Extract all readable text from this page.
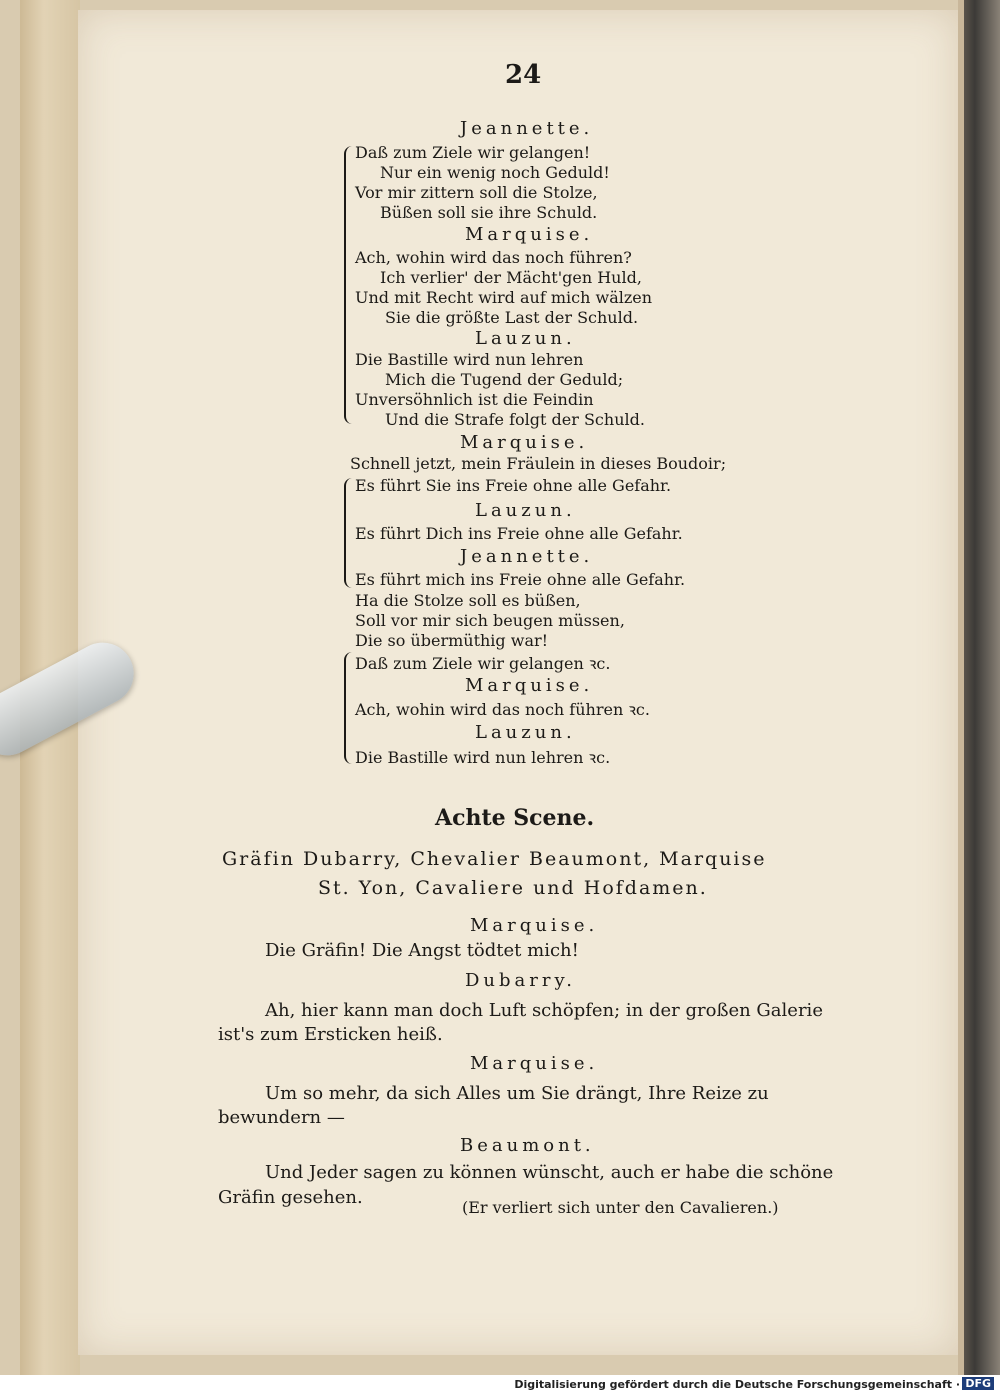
24
Jeannette.
Daß zum Ziele wir gelangen!
Nur ein wenig noch Geduld!
Vor mir zittern soll die Stolze,
Büßen soll sie ihre Schuld.
Marquise.
Ach, wohin wird das noch führen?
Ich verlier' der Mächt'gen Huld,
Und mit Recht wird auf mich wälzen
Sie die größte Last der Schuld.
Lauzun.
Die Bastille wird nun lehren
Mich die Tugend der Geduld;
Unversöhnlich ist die Feindin
Und die Strafe folgt der Schuld.
Marquise.
Schnell jetzt, mein Fräulein in dieses Boudoir;
Es führt Sie ins Freie ohne alle Gefahr.
Lauzun.
Es führt Dich ins Freie ohne alle Gefahr.
Jeannette.
Es führt mich ins Freie ohne alle Gefahr.
Ha die Stolze soll es büßen,
Soll vor mir sich beugen müssen,
Die so übermüthig war!
Daß zum Ziele wir gelangen ꝛc.
Marquise.
Ach, wohin wird das noch führen ꝛc.
Lauzun.
Die Bastille wird nun lehren ꝛc.
Achte Scene.
Gräfin Dubarry, Chevalier Beaumont, Marquise
St. Yon, Cavaliere und Hofdamen.
Marquise.
Die Gräfin! Die Angst tödtet mich!
Dubarry.
Ah, hier kann man doch Luft schöpfen; in der großen Galerie
ist's zum Ersticken heiß.
Marquise.
Um so mehr, da sich Alles um Sie drängt, Ihre Reize zu
bewundern —
Beaumont.
Und Jeder sagen zu können wünscht, auch er habe die schöne
Gräfin gesehen.	(Er verliert sich unter den Cavalieren.)
Digitalisierung gefördert durch die Deutsche Forschungsgemeinschaft · DFG
